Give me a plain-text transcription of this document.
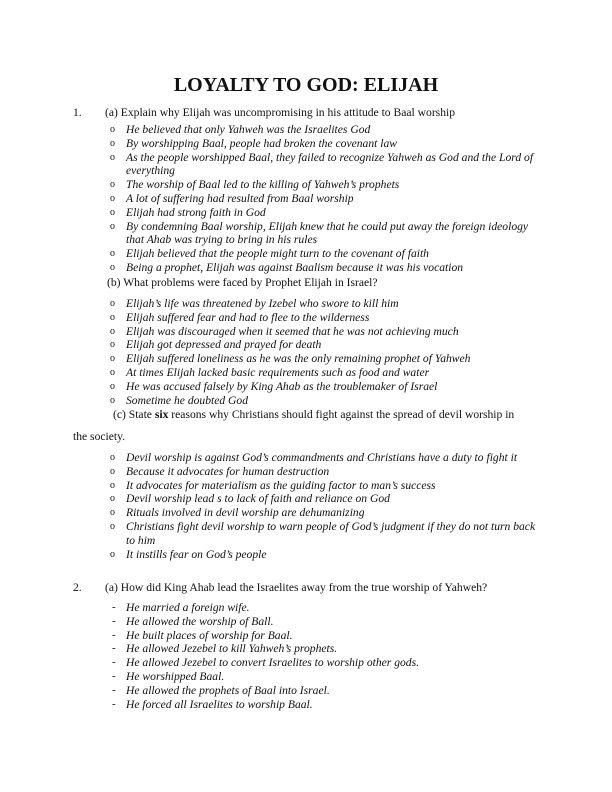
LOYALTY TO GOD: ELIJAH
1. (a) Explain why Elijah was uncompromising in his attitude to Baal worship
o He believed that only Yahweh was the Israelites God
o By worshipping Baal, people had broken the covenant law
o As the people worshipped Baal, they failed to recognize Yahweh as God and the Lord of everything
o The worship of Baal led to the killing of Yahweh’s prophets
o A lot of suffering had resulted from Baal worship
o Elijah had strong faith in God
o By condemning Baal worship, Elijah knew that he could put away the foreign ideology that Ahab was trying to bring in his rules
o Elijah believed that the people might turn to the covenant of faith
o Being a prophet, Elijah was against Baalism because it was his vocation
(b) What problems were faced by Prophet Elijah in Israel?
o Elijah’s life was threatened by Izebel who swore to kill him
o Elijah suffered fear and had to flee to the wilderness
o Elijah was discouraged when it seemed that he was not achieving much
o Elijah got depressed and prayed for death
o Elijah suffered loneliness as he was the only remaining prophet of Yahweh
o At times Elijah lacked basic requirements such as food and water
o He was accused falsely by King Ahab as the troublemaker of Israel
o Sometime he doubted God
(c) State six reasons why Christians should fight against the spread of devil worship in
the society.
o Devil worship is against God’s commandments and Christians have a duty to fight it
o Because it advocates for human destruction
o It advocates for materialism as the guiding factor to man’s success
o Devil worship lead s to lack of faith and reliance on God
o Rituals involved in devil worship are dehumanizing
o Christians fight devil worship to warn people of God’s judgment if they do not turn back to him
o It instills fear on God’s people
2. (a) How did King Ahab lead the Israelites away from the true worship of Yahweh?
- He married a foreign wife.
- He allowed the worship of Ball.
- He built places of worship for Baal.
- He allowed Jezebel to kill Yahweh’s prophets.
- He allowed Jezebel to convert Israelites to worship other gods.
- He worshipped Baal.
- He allowed the prophets of Baal into Israel.
- He forced all Israelites to worship Baal.
